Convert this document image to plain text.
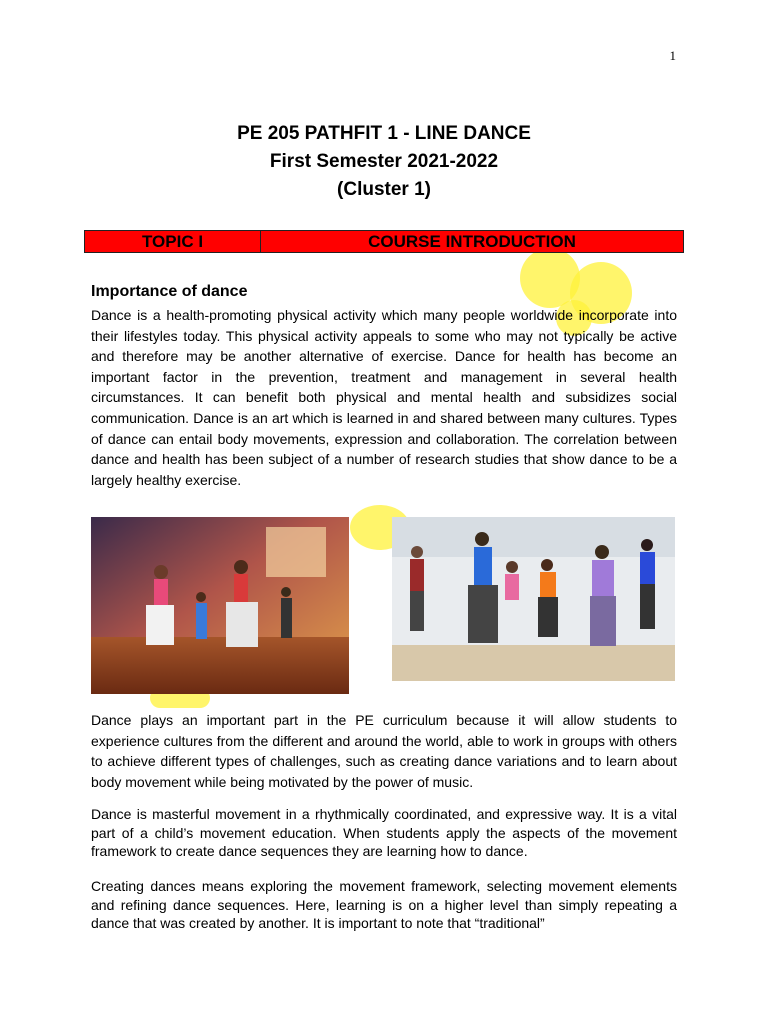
1
PE 205 PATHFIT 1 - LINE DANCE
First Semester 2021-2022
(Cluster 1)
TOPIC I	COURSE INTRODUCTION
Importance of dance

Dance is a health-promoting physical activity which many people worldwide incorporate into their lifestyles today. This physical activity appeals to some who may not typically be active and therefore may be another alternative of exercise. Dance for health has become an important factor in the prevention, treatment and management in several health circumstances. It can benefit both physical and mental health and subsidizes social communication. Dance is an art which is learned in and shared between many cultures. Types of dance can entail body movements, expression and collaboration. The correlation between dance and health has been subject of a number of research studies that show dance to be a largely healthy exercise.

Dance plays an important part in the PE curriculum because it will allow students to experience cultures from the different and around the world, able to work in groups with others to achieve different types of challenges, such as creating dance variations and to learn about body movement while being motivated by the power of music.

Dance is masterful movement in a rhythmically coordinated, and expressive way. It is a vital part of a child’s movement education. When students apply the aspects of the movement framework to create dance sequences they are learning how to dance.

Creating dances means exploring the movement framework, selecting movement elements and refining dance sequences. Here, learning is on a higher level than simply repeating a dance that was created by another. It is important to note that “traditional”
